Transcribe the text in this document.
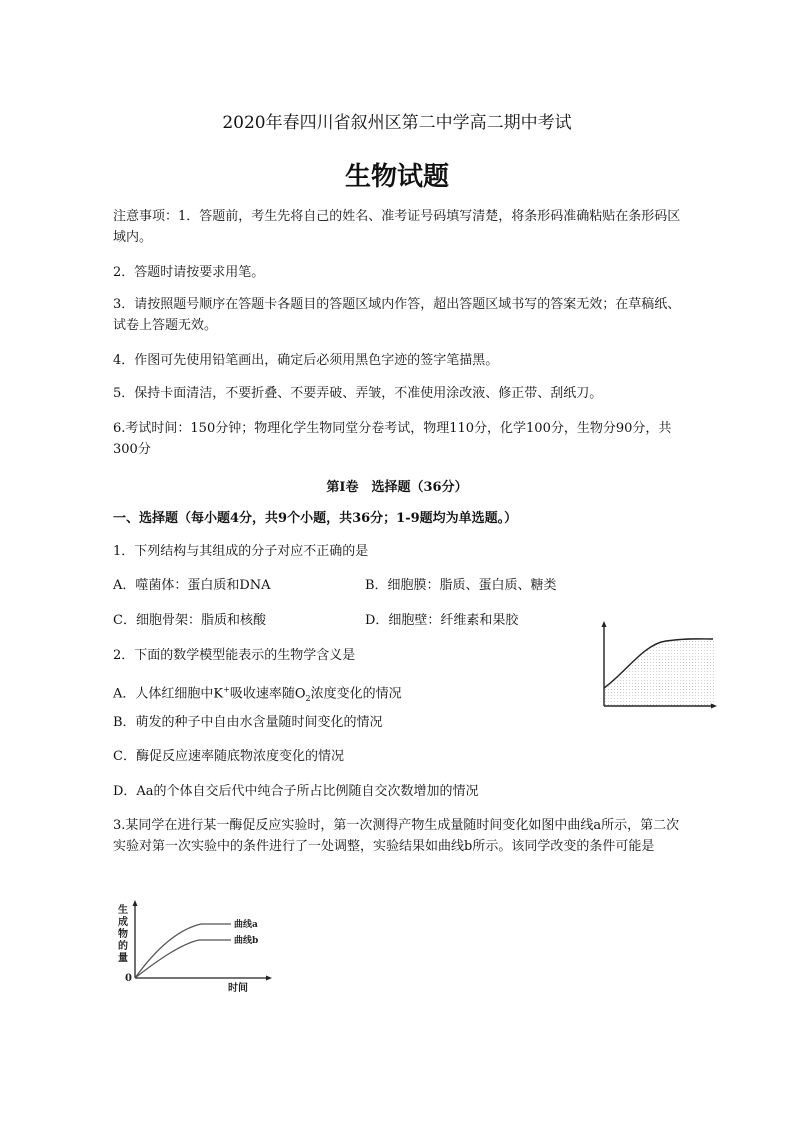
2020年春四川省叙州区第二中学高二期中考试
生物试题
注意事项：1．答题前，考生先将自己的姓名、准考证号码填写清楚，将条形码准确粘贴在条形码区域内。
2．答题时请按要求用笔。
3．请按照题号顺序在答题卡各题目的答题区域内作答，超出答题区域书写的答案无效；在草稿纸、试卷上答题无效。
4．作图可先使用铅笔画出，确定后必须用黑色字迹的签字笔描黑。
5．保持卡面清洁，不要折叠、不要弄破、弄皱，不准使用涂改液、修正带、刮纸刀。
6.考试时间：150分钟；物理化学生物同堂分卷考试，物理110分，化学100分，生物分90分，共300分
第I卷　选择题（36分）
一、选择题（每小题4分，共9个小题，共36分；1-9题均为单选题。）
1．下列结构与其组成的分子对应不正确的是
A．噬菌体：蛋白质和DNA	B．细胞膜：脂质、蛋白质、糖类
C．细胞骨架：脂质和核酸	D．细胞壁：纤维素和果胶
2．下面的数学模型能表示的生物学含义是
A．人体红细胞中K+吸收速率随$O_2$浓度变化的情况
B．萌发的种子中自由水含量随时间变化的情况
C．酶促反应速率随底物浓度变化的情况
D．Aa的个体自交后代中纯合子所占比例随自交次数增加的情况
3.某同学在进行某一酶促反应实验时，第一次测得产物生成量随时间变化如图中曲线a所示，第二次实验对第一次实验中的条件进行了一处调整，实验结果如曲线b所示。该同学改变的条件可能是
生
成
物
的
量
0
时间
曲线a
曲线b
